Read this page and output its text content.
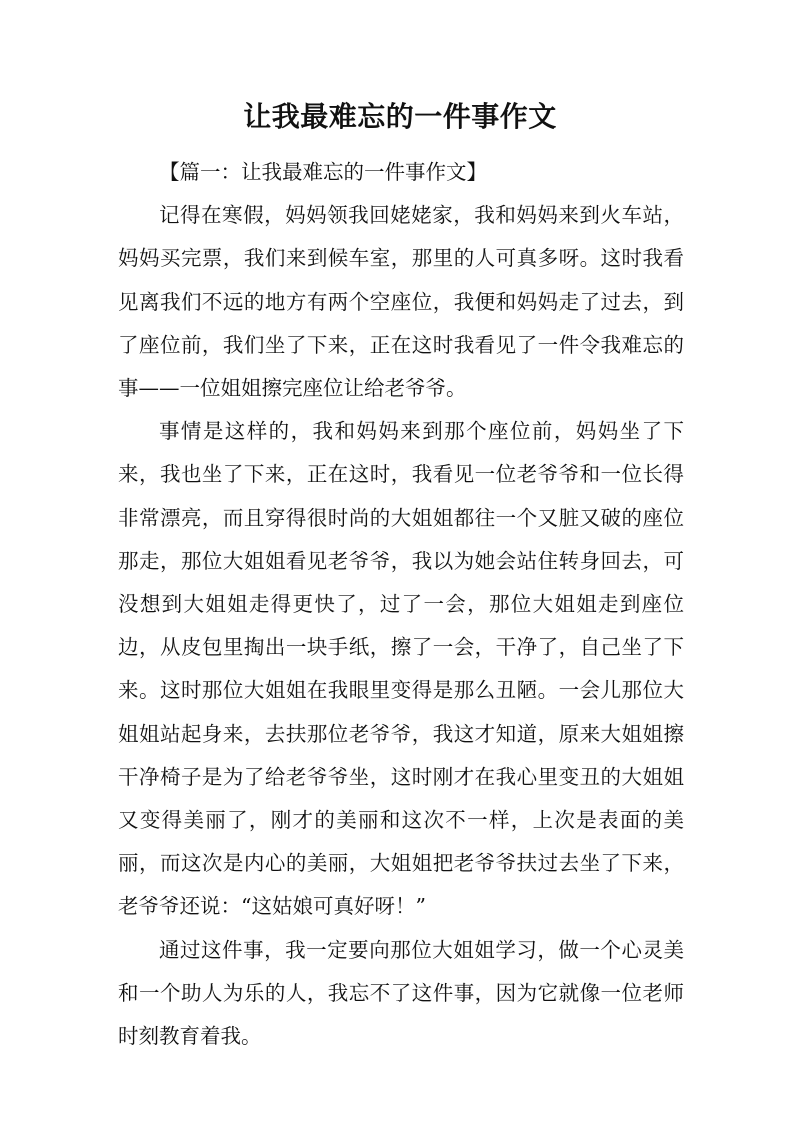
让我最难忘的一件事作文

【篇一：让我最难忘的一件事作文】

记得在寒假，妈妈领我回姥姥家，我和妈妈来到火车站，妈妈买完票，我们来到候车室，那里的人可真多呀。这时我看见离我们不远的地方有两个空座位，我便和妈妈走了过去，到了座位前，我们坐了下来，正在这时我看见了一件令我难忘的事——一位姐姐擦完座位让给老爷爷。

事情是这样的，我和妈妈来到那个座位前，妈妈坐了下来，我也坐了下来，正在这时，我看见一位老爷爷和一位长得非常漂亮，而且穿得很时尚的大姐姐都往一个又脏又破的座位那走，那位大姐姐看见老爷爷，我以为她会站住转身回去，可没想到大姐姐走得更快了，过了一会，那位大姐姐走到座位边，从皮包里掏出一块手纸，擦了一会，干净了，自己坐了下来。这时那位大姐姐在我眼里变得是那么丑陋。一会儿那位大姐姐站起身来，去扶那位老爷爷，我这才知道，原来大姐姐擦干净椅子是为了给老爷爷坐，这时刚才在我心里变丑的大姐姐又变得美丽了，刚才的美丽和这次不一样，上次是表面的美丽，而这次是内心的美丽，大姐姐把老爷爷扶过去坐了下来，老爷爷还说：“这姑娘可真好呀！”

通过这件事，我一定要向那位大姐姐学习，做一个心灵美和一个助人为乐的人，我忘不了这件事，因为它就像一位老师时刻教育着我。
